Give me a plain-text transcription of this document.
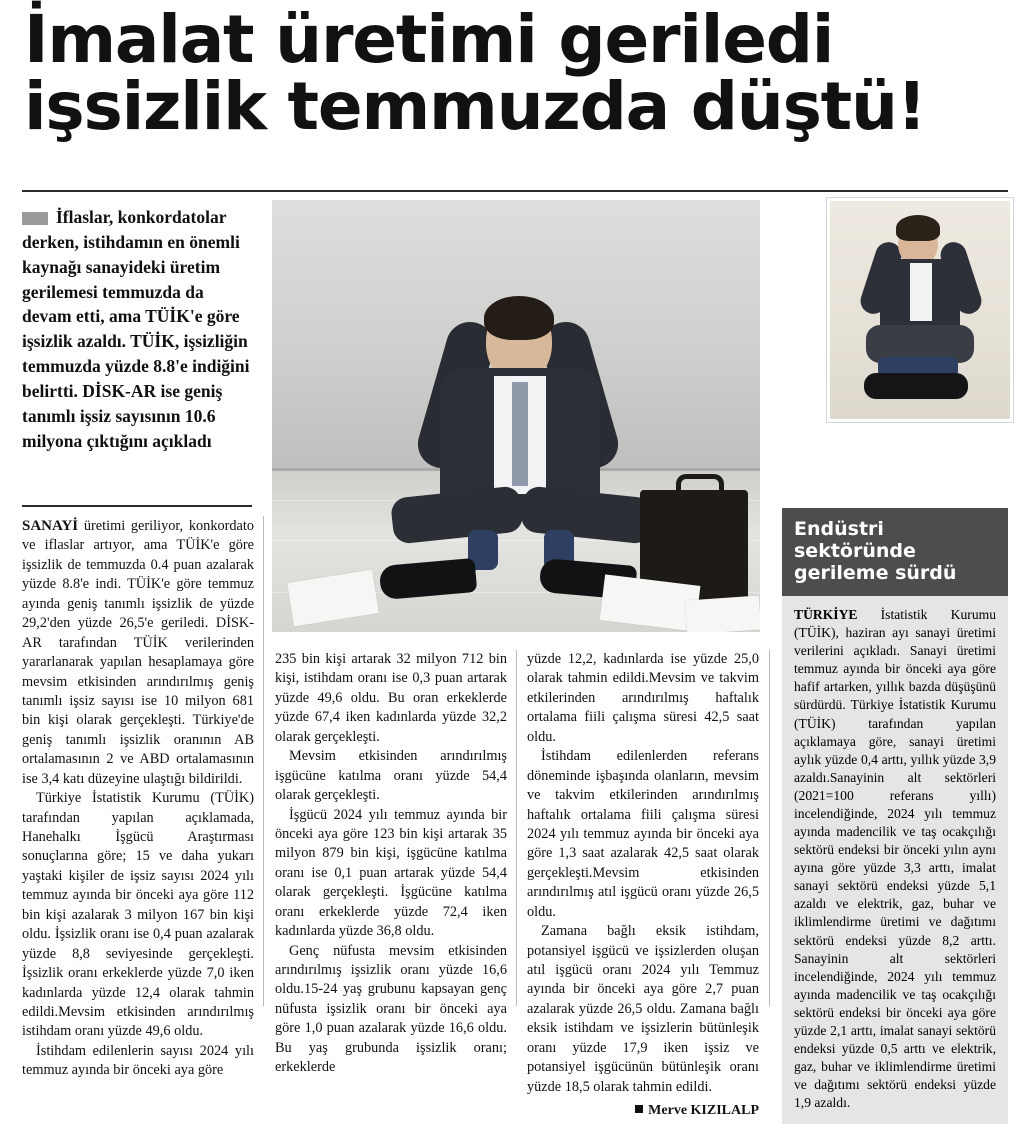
İmalat üretimi geriledi
işsizlik temmuzda düştü!
İflaslar, konkordatolar derken, istihdamın en önemli kaynağı sanayideki üretim gerilemesi temmuzda da devam etti, ama TÜİK'e göre işsizlik azaldı. TÜİK, işsizliğin temmuzda yüzde 8.8'e indiğini belirtti. DİSK-AR ise geniş tanımlı işsiz sayısının 10.6 milyona çıktığını açıkladı

SANAYİ üretimi geriliyor, konkordato ve iflaslar artıyor, ama TÜİK'e göre işsizlik de temmuzda 0.4 puan azalarak yüzde 8.8'e indi. TÜİK'e göre temmuz ayında geniş tanımlı işsizlik de yüzde 29,2'den yüzde 26,5'e geriledi. DİSK-AR tarafından TÜİK verilerinden yararlanarak yapılan hesaplamaya göre mevsim etkisinden arındırılmış geniş tanımlı işsiz sayısı ise 10 milyon 681 bin kişi olarak gerçekleşti. Türkiye'de geniş tanımlı işsizlik oranının AB ortalamasının 2 ve ABD ortalamasının ise 3,4 katı düzeyine ulaştığı bildirildi.

Türkiye İstatistik Kurumu (TÜİK) tarafından yapılan açıklamada, Hanehalkı İşgücü Araştırması sonuçlarına göre; 15 ve daha yukarı yaştaki kişiler de işsiz sayısı 2024 yılı temmuz ayında bir önceki aya göre 112 bin kişi azalarak 3 milyon 167 bin kişi oldu. İşsizlik oranı ise 0,4 puan azalarak yüzde 8,8 seviyesinde gerçekleşti. İşsizlik oranı erkeklerde yüzde 7,0 iken kadınlarda yüzde 12,4 olarak tahmin edildi.Mevsim etkisinden arındırılmış istihdam oranı yüzde 49,6 oldu.

İstihdam edilenlerin sayısı 2024 yılı temmuz ayında bir önceki aya göre

235 bin kişi artarak 32 milyon 712 bin kişi, istihdam oranı ise 0,3 puan artarak yüzde 49,6 oldu. Bu oran erkeklerde yüzde 67,4 iken kadınlarda yüzde 32,2 olarak gerçekleşti.

Mevsim etkisinden arındırılmış işgücüne katılma oranı yüzde 54,4 olarak gerçekleşti.

İşgücü 2024 yılı temmuz ayında bir önceki aya göre 123 bin kişi artarak 35 milyon 879 bin kişi, işgücüne katılma oranı ise 0,1 puan artarak yüzde 54,4 olarak gerçekleşti. İşgücüne katılma oranı erkeklerde yüzde 72,4 iken kadınlarda yüzde 36,8 oldu.

Genç nüfusta mevsim etkisinden arındırılmış işsizlik oranı yüzde 16,6 oldu.15-24 yaş grubunu kapsayan genç nüfusta işsizlik oranı bir önceki aya göre 1,0 puan azalarak yüzde 16,6 oldu. Bu yaş grubunda işsizlik oranı; erkeklerde

yüzde 12,2, kadınlarda ise yüzde 25,0 olarak tahmin edildi.Mevsim ve takvim etkilerinden arındırılmış haftalık ortalama fiili çalışma süresi 42,5 saat oldu.

İstihdam edilenlerden referans döneminde işbaşında olanların, mevsim ve takvim etkilerinden arındırılmış haftalık ortalama fiili çalışma süresi 2024 yılı temmuz ayında bir önceki aya göre 1,3 saat azalarak 42,5 saat olarak gerçekleşti.Mevsim etkisinden arındırılmış atıl işgücü oranı yüzde 26,5 oldu.

Zamana bağlı eksik istihdam, potansiyel işgücü ve işsizlerden oluşan atıl işgücü oranı 2024 yılı Temmuz ayında bir önceki aya göre 2,7 puan azalarak yüzde 26,5 oldu. Zamana bağlı eksik istihdam ve işsizlerin bütünleşik oranı yüzde 17,9 iken işsiz ve potansiyel işgücünün bütünleşik oranı yüzde 18,5 olarak tahmin edildi.

Merve KIZILALP
Endüstri sektöründe gerileme sürdü

TÜRKİYE İstatistik Kurumu (TÜİK), haziran ayı sanayi üretimi verilerini açıkladı. Sanayi üretimi temmuz ayında bir önceki aya göre hafif artarken, yıllık bazda düşüşünü sürdürdü. Türkiye İstatistik Kurumu (TÜİK) tarafından yapılan açıklamaya göre, sanayi üretimi aylık yüzde 0,4 arttı, yıllık yüzde 3,9 azaldı.Sanayinin alt sektörleri (2021=100 referans yıllı) incelendiğinde, 2024 yılı temmuz ayında madencilik ve taş ocakçılığı sektörü endeksi bir önceki yılın aynı ayına göre yüzde 3,3 arttı, imalat sanayi sektörü endeksi yüzde 5,1 azaldı ve elektrik, gaz, buhar ve iklimlendirme üretimi ve dağıtımı sektörü endeksi yüzde 8,2 arttı. Sanayinin alt sektörleri incelendiğinde, 2024 yılı temmuz ayında madencilik ve taş ocakçılığı sektörü endeksi bir önceki aya göre yüzde 2,1 arttı, imalat sanayi sektörü endeksi yüzde 0,5 arttı ve elektrik, gaz, buhar ve iklimlendirme üretimi ve dağıtımı sektörü endeksi yüzde 1,9 azaldı.
